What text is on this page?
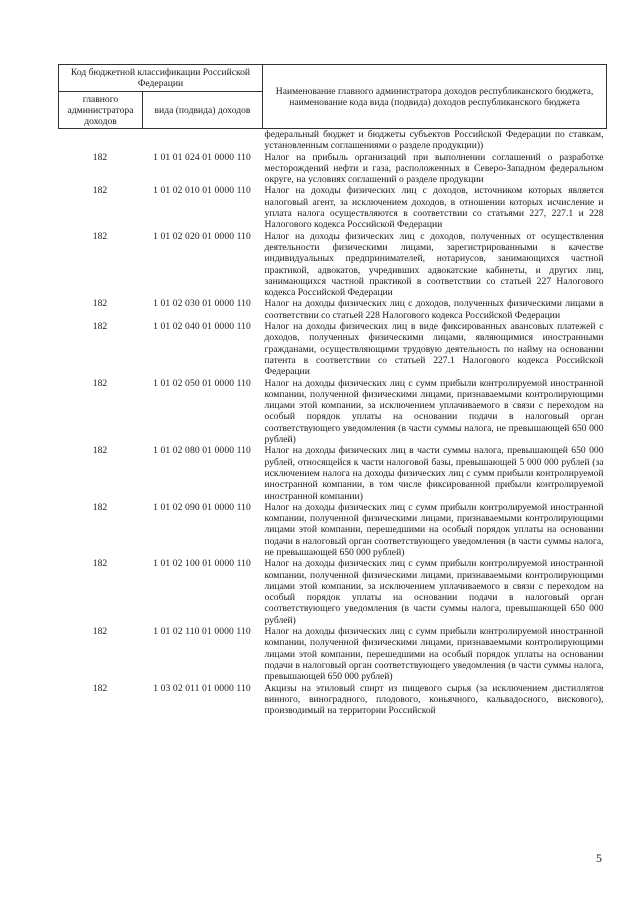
Код бюджетной классификации Российской Федерации		Наименование главного администратора доходов республиканского бюджета, наименование кода вида (подвида) доходов республиканского бюджета
главного администратора доходов	вида (подвида) доходов	
		федеральный бюджет и бюджеты субъектов Российской Федерации по ставкам, установленным соглашениями о разделе продукции))
182	1 01 01 024 01 0000 110	Налог на прибыль организаций при выполнении соглашений о разработке месторождений нефти и газа, расположенных в Северо-Западном федеральном округе, на условиях соглашений о разделе продукции
182	1 01 02 010 01 0000 110	Налог на доходы физических лиц с доходов, источником которых является налоговый агент, за исключением доходов, в отношении которых исчисление и уплата налога осуществляются в соответствии со статьями 227, 227.1 и 228 Налогового кодекса Российской Федерации
182	1 01 02 020 01 0000 110	Налог на доходы физических лиц с доходов, полученных от осуществления деятельности физическими лицами, зарегистрированными в качестве индивидуальных предпринимателей, нотариусов, занимающихся частной практикой, адвокатов, учредивших адвокатские кабинеты, и других лиц, занимающихся частной практикой в соответствии со статьей 227 Налогового кодекса Российской Федерации
182	1 01 02 030 01 0000 110	Налог на доходы физических лиц с доходов, полученных физическими лицами в соответствии со статьей 228 Налогового кодекса Российской Федерации
182	1 01 02 040 01 0000 110	Налог на доходы физических лиц в виде фиксированных авансовых платежей с доходов, полученных физическими лицами, являющимися иностранными гражданами, осуществляющими трудовую деятельность по найму на основании патента в соответствии со статьей 227.1 Налогового кодекса Российской Федерации
182	1 01 02 050 01 0000 110	Налог на доходы физических лиц с сумм прибыли контролируемой иностранной компании, полученной физическими лицами, признаваемыми контролирующими лицами этой компании, за исключением уплачиваемого в связи с переходом на особый порядок уплаты на основании подачи в налоговый орган соответствующего уведомления (в части суммы налога, не превышающей 650 000 рублей)
182	1 01 02 080 01 0000 110	Налог на доходы физических лиц в части суммы налога, превышающей 650 000 рублей, относящейся к части налоговой базы, превышающей 5 000 000 рублей (за исключением налога на доходы физических лиц с сумм прибыли контролируемой иностранной компании, в том числе фиксированной прибыли контролируемой иностранной компании)
182	1 01 02 090 01 0000 110	Налог на доходы физических лиц с сумм прибыли контролируемой иностранной компании, полученной физическими лицами, признаваемыми контролирующими лицами этой компании, перешедшими на особый порядок уплаты на основании подачи в налоговый орган соответствующего уведомления (в части суммы налога, не превышающей 650 000 рублей)
182	1 01 02 100 01 0000 110	Налог на доходы физических лиц с сумм прибыли контролируемой иностранной компании, полученной физическими лицами, признаваемыми контролирующими лицами этой компании, за исключением уплачиваемого в связи с переходом на особый порядок уплаты на основании подачи в налоговый орган соответствующего уведомления (в части суммы налога, превышающей 650 000 рублей)
182	1 01 02 110 01 0000 110	Налог на доходы физических лиц с сумм прибыли контролируемой иностранной компании, полученной физическими лицами, признаваемыми контролирующими лицами этой компании, перешедшими на особый порядок уплаты на основании подачи в налоговый орган соответствующего уведомления (в части суммы налога, превышающей 650 000 рублей)
182	1 03 02 011 01 0000 110	Акцизы на этиловый спирт из пищевого сырья (за исключением дистиллятов винного, виноградного, плодового, коньячного, кальвадосного, вискового), производимый на территории Российской
5
